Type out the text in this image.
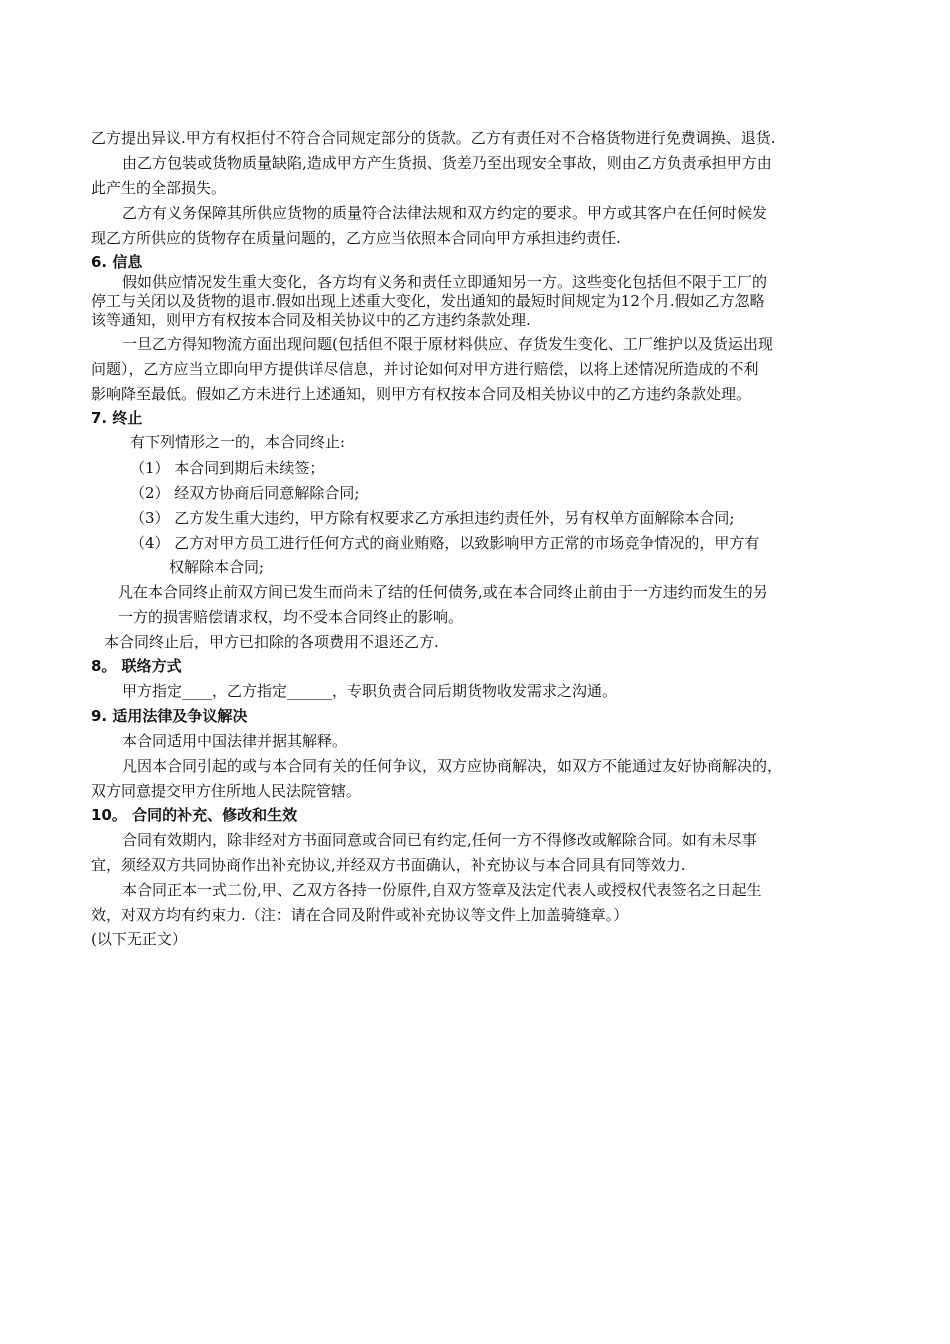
乙方提出异议.甲方有权拒付不符合合同规定部分的货款。乙方有责任对不合格货物进行免费调换、退货.
由乙方包装或货物质量缺陷,造成甲方产生货损、货差乃至出现安全事故，则由乙方负责承担甲方由
此产生的全部损失。
乙方有义务保障其所供应货物的质量符合法律法规和双方约定的要求。甲方或其客户在任何时候发
现乙方所供应的货物存在质量问题的，乙方应当依照本合同向甲方承担违约责任.
6. 信息
假如供应情况发生重大变化，各方均有义务和责任立即通知另一方。这些变化包括但不限于工厂的
停工与关闭以及货物的退市.假如出现上述重大变化，发出通知的最短时间规定为12个月.假如乙方忽略
该等通知，则甲方有权按本合同及相关协议中的乙方违约条款处理.
一旦乙方得知物流方面出现问题(包括但不限于原材料供应、存货发生变化、工厂维护以及货运出现
问题），乙方应当立即向甲方提供详尽信息，并讨论如何对甲方进行赔偿，以将上述情况所造成的不利
影响降至最低。假如乙方未进行上述通知，则甲方有权按本合同及相关协议中的乙方违约条款处理。
7. 终止
有下列情形之一的，本合同终止:
（1） 本合同到期后未续签；
（2） 经双方协商后同意解除合同;
（3） 乙方发生重大违约，甲方除有权要求乙方承担违约责任外，另有权单方面解除本合同;
（4） 乙方对甲方员工进行任何方式的商业贿赂，以致影响甲方正常的市场竞争情况的，甲方有
权解除本合同;
凡在本合同终止前双方间已发生而尚未了结的任何债务,或在本合同终止前由于一方违约而发生的另
一方的损害赔偿请求权，均不受本合同终止的影响。
本合同终止后，甲方已扣除的各项费用不退还乙方.
8。 联络方式
甲方指定____，乙方指定______，专职负责合同后期货物收发需求之沟通。
9. 适用法律及争议解决
本合同适用中国法律并据其解释。
凡因本合同引起的或与本合同有关的任何争议，双方应协商解决，如双方不能通过友好协商解决的，
双方同意提交甲方住所地人民法院管辖。
10。 合同的补充、修改和生效
合同有效期内，除非经对方书面同意或合同已有约定,任何一方不得修改或解除合同。如有未尽事
宜，须经双方共同协商作出补充协议,并经双方书面确认，补充协议与本合同具有同等效力.
本合同正本一式二份,甲、乙双方各持一份原件,自双方签章及法定代表人或授权代表签名之日起生
效，对双方均有约束力.（注：请在合同及附件或补充协议等文件上加盖骑缝章。）
(以下无正文）
